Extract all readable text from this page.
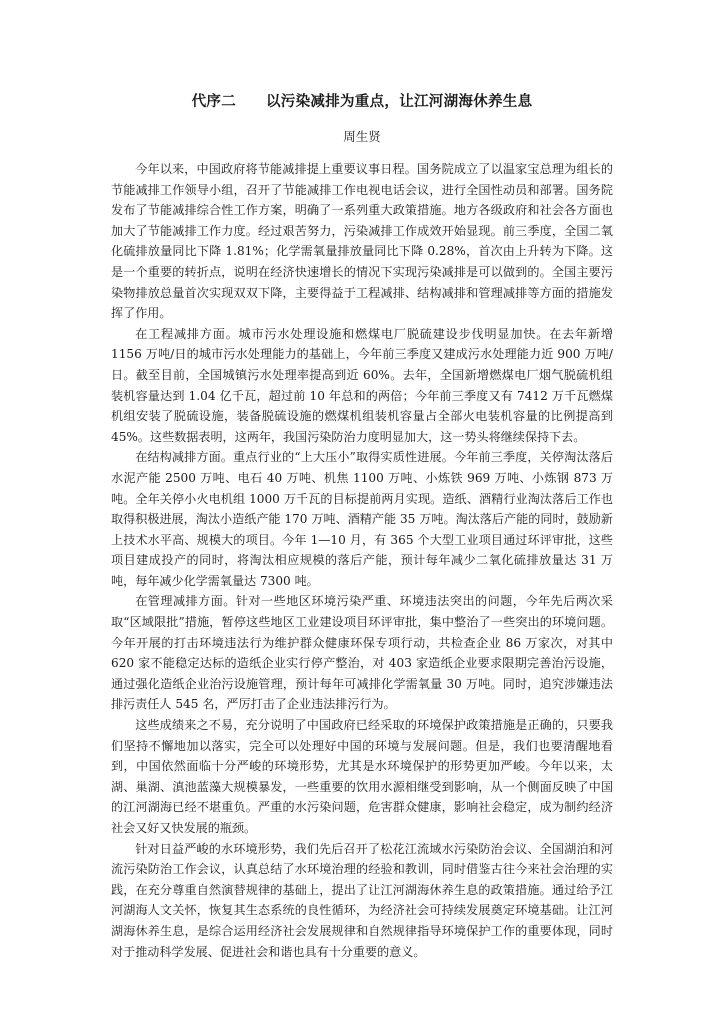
代序二 以污染减排为重点，让江河湖海休养生息
周生贤

今年以来，中国政府将节能减排提上重要议事日程。国务院成立了以温家宝总理为组长的节能减排工作领导小组，召开了节能减排工作电视电话会议，进行全国性动员和部署。国务院发布了节能减排综合性工作方案，明确了一系列重大政策措施。地方各级政府和社会各方面也加大了节能减排工作力度。经过艰苦努力，污染减排工作成效开始显现。前三季度，全国二氧化硫排放量同比下降 1.81%；化学需氧量排放量同比下降 0.28%，首次由上升转为下降。这是一个重要的转折点，说明在经济快速增长的情况下实现污染减排是可以做到的。全国主要污染物排放总量首次实现双双下降，主要得益于工程减排、结构减排和管理减排等方面的措施发挥了作用。

在工程减排方面。城市污水处理设施和燃煤电厂脱硫建设步伐明显加快。在去年新增 1156 万吨/日的城市污水处理能力的基础上，今年前三季度又建成污水处理能力近 900 万吨/日。截至目前，全国城镇污水处理率提高到近 60%。去年，全国新增燃煤电厂烟气脱硫机组装机容量达到 1.04 亿千瓦，超过前 10 年总和的两倍；今年前三季度又有 7412 万千瓦燃煤机组安装了脱硫设施，装备脱硫设施的燃煤机组装机容量占全部火电装机容量的比例提高到 45%。这些数据表明，这两年，我国污染防治力度明显加大，这一势头将继续保持下去。

在结构减排方面。重点行业的“上大压小”取得实质性进展。今年前三季度，关停淘汰落后水泥产能 2500 万吨、电石 40 万吨、机焦 1100 万吨、小炼铁 969 万吨、小炼钢 873 万吨。全年关停小火电机组 1000 万千瓦的目标提前两月实现。造纸、酒精行业淘汰落后工作也取得积极进展，淘汰小造纸产能 170 万吨、酒精产能 35 万吨。淘汰落后产能的同时，鼓励新上技术水平高、规模大的项目。今年 1—10 月，有 365 个大型工业项目通过环评审批，这些项目建成投产的同时，将淘汰相应规模的落后产能，预计每年减少二氧化硫排放量达 31 万吨，每年减少化学需氧量达 7300 吨。

在管理减排方面。针对一些地区环境污染严重、环境违法突出的问题，今年先后两次采取“区域限批”措施，暂停这些地区工业建设项目环评审批，集中整治了一些突出的环境问题。今年开展的打击环境违法行为维护群众健康环保专项行动，共检查企业 86 万家次，对其中 620 家不能稳定达标的造纸企业实行停产整治，对 403 家造纸企业要求限期完善治污设施，通过强化造纸企业治污设施管理，预计每年可减排化学需氧量 30 万吨。同时，追究涉嫌违法排污责任人 545 名，严厉打击了企业违法排污行为。

这些成绩来之不易，充分说明了中国政府已经采取的环境保护政策措施是正确的，只要我们坚持不懈地加以落实，完全可以处理好中国的环境与发展问题。但是，我们也要清醒地看到，中国依然面临十分严峻的环境形势，尤其是水环境保护的形势更加严峻。今年以来，太湖、巢湖、滇池蓝藻大规模暴发，一些重要的饮用水源相继受到影响，从一个侧面反映了中国的江河湖海已经不堪重负。严重的水污染问题，危害群众健康，影响社会稳定，成为制约经济社会又好又快发展的瓶颈。

针对日益严峻的水环境形势，我们先后召开了松花江流域水污染防治会议、全国湖泊和河流污染防治工作会议，认真总结了水环境治理的经验和教训，同时借鉴古往今来社会治理的实践，在充分尊重自然演替规律的基础上，提出了让江河湖海休养生息的政策措施。通过给予江河湖海人文关怀，恢复其生态系统的良性循环，为经济社会可持续发展奠定环境基础。让江河湖海休养生息，是综合运用经济社会发展规律和自然规律指导环境保护工作的重要体现，同时对于推动科学发展、促进社会和谐也具有十分重要的意义。
